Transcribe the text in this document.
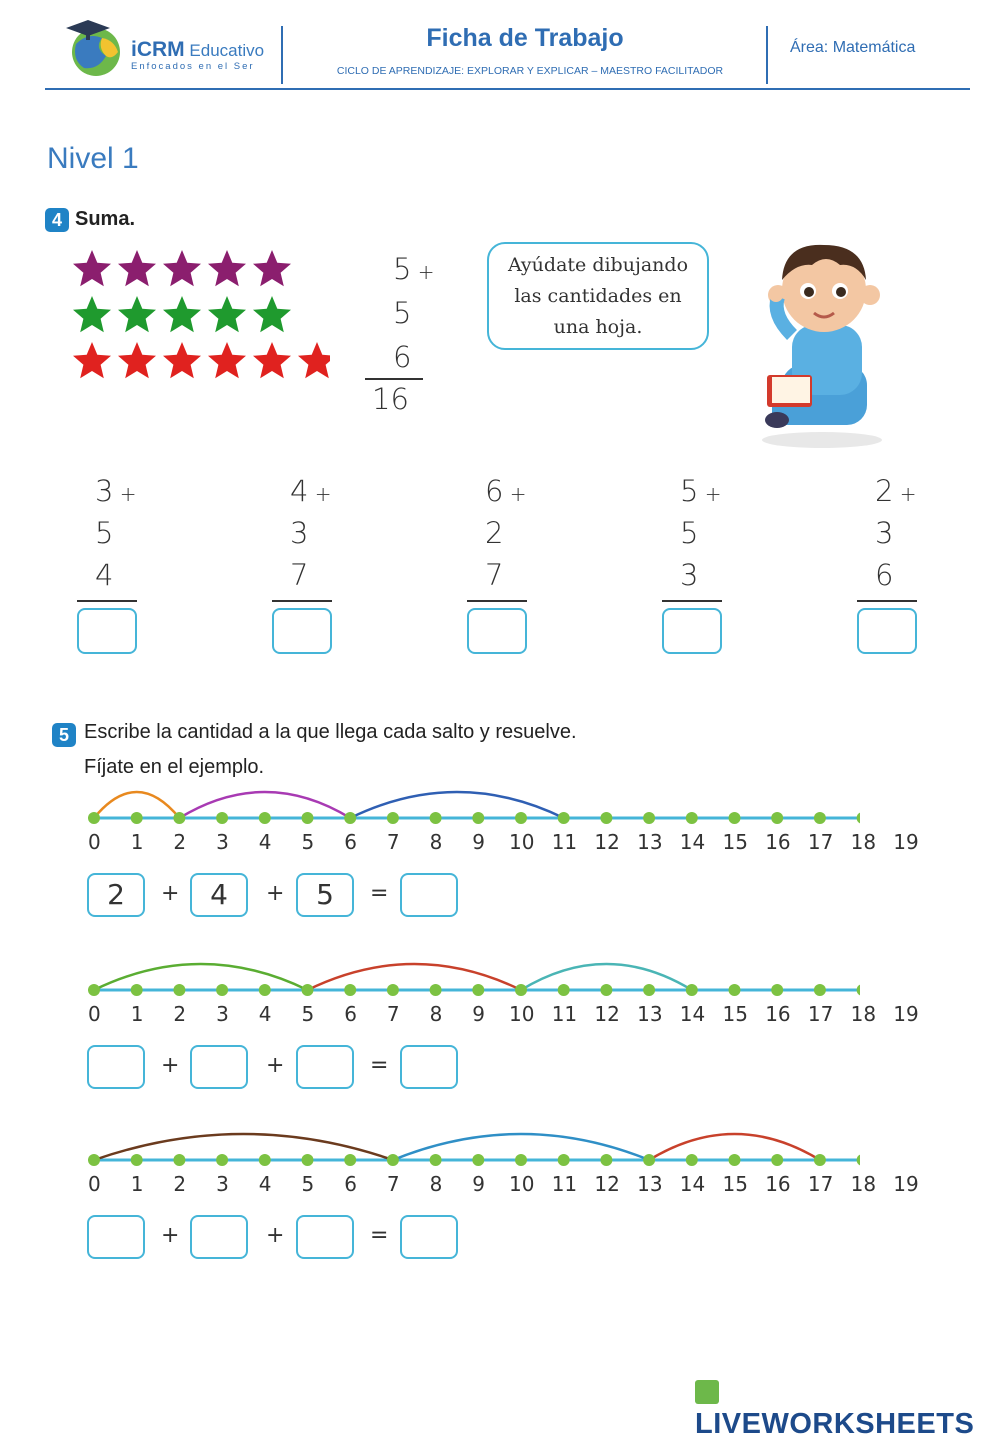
iCRM Educativo
Enfocados en el Ser
Ficha de Trabajo
CICLO DE APRENDIZAJE: EXPLORAR Y EXPLICAR – MAESTRO FACILITADOR
Área: Matemática
Nivel 1
4 Suma.
5 +
5
6
16
Ayúdate dibujando
las cantidades en
una hoja.
3 +
5
4
4 +
3
7
6 +
2
7
5 +
5
3
2 +
3
6
5 Escribe la cantidad a la que llega cada salto y resuelve.
Fíjate en el ejemplo.
0 1 2 3 4 5 6 7 8 9 10 11 12 13 14 15 16 17 18 19
2	4	5
+	+	=
0 1 2 3 4 5 6 7 8 9 10 11 12 13 14 15 16 17 18 19
+	+	=
0 1 2 3 4 5 6 7 8 9 10 11 12 13 14 15 16 17 18 19
+	+	=
LIVEWORKSHEETS
